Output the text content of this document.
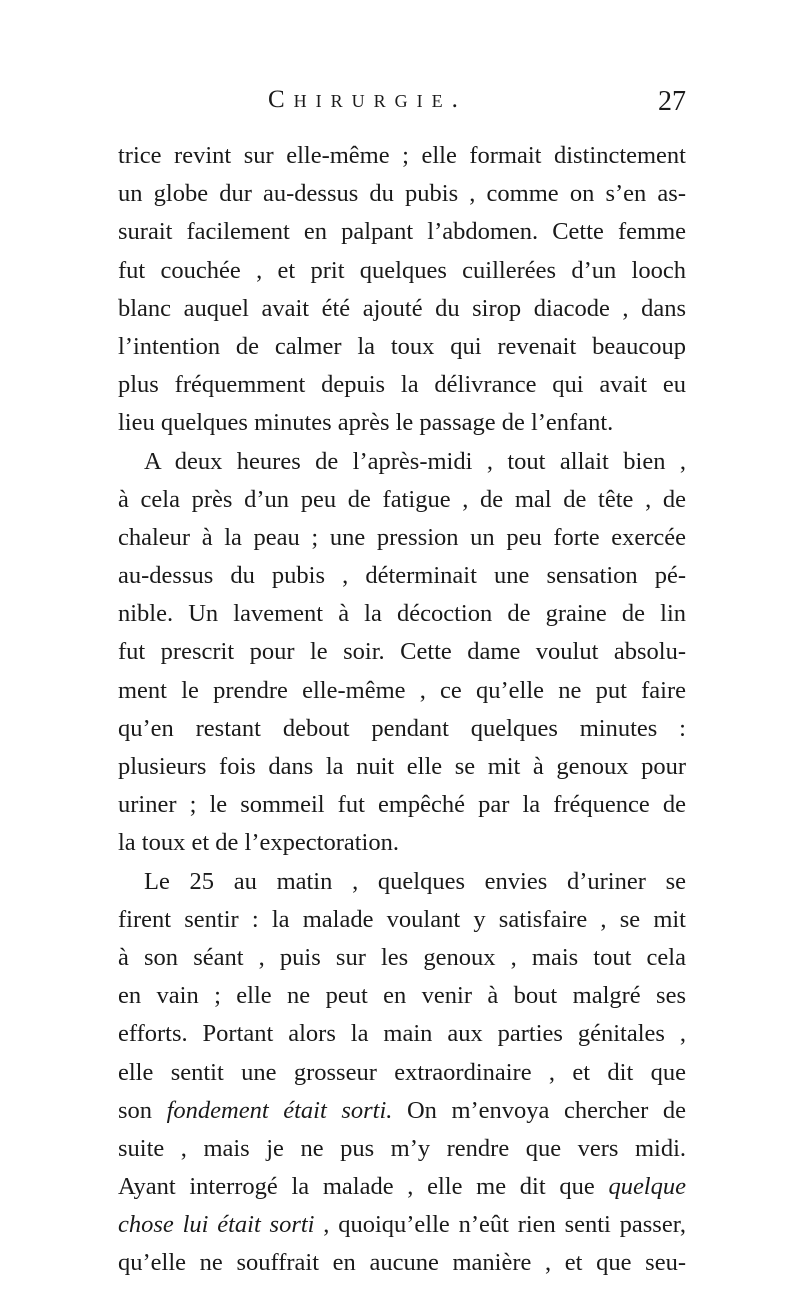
Chirurgie.	27
trice revint sur elle-même ; elle formait distinctement
un globe dur au-dessus du pubis , comme on s’en as-
surait facilement en palpant l’abdomen. Cette femme
fut couchée , et prit quelques cuillerées d’un looch
blanc auquel avait été ajouté du sirop diacode , dans
l’intention de calmer la toux qui revenait beaucoup
plus fréquemment depuis la délivrance qui avait eu
lieu quelques minutes après le passage de l’enfant.
A deux heures de l’après-midi , tout allait bien ,
à cela près d’un peu de fatigue , de mal de tête , de
chaleur à la peau ; une pression un peu forte exercée
au-dessus du pubis , déterminait une sensation pé-
nible. Un lavement à la décoction de graine de lin
fut prescrit pour le soir. Cette dame voulut absolu-
ment le prendre elle-même , ce qu’elle ne put faire
qu’en restant debout pendant quelques minutes :
plusieurs fois dans la nuit elle se mit à genoux pour
uriner ; le sommeil fut empêché par la fréquence de
la toux et de l’expectoration.
Le 25 au matin , quelques envies d’uriner se
firent sentir : la malade voulant y satisfaire , se mit
à son séant , puis sur les genoux , mais tout cela
en vain ; elle ne peut en venir à bout malgré ses
efforts. Portant alors la main aux parties génitales ,
elle sentit une grosseur extraordinaire , et dit que
son fondement était sorti. On m’envoya chercher de
suite , mais je ne pus m’y rendre que vers midi.
Ayant interrogé la malade , elle me dit que quelque
chose lui était sorti , quoiqu’elle n’eût rien senti passer,
qu’elle ne souffrait en aucune manière , et que seu-
